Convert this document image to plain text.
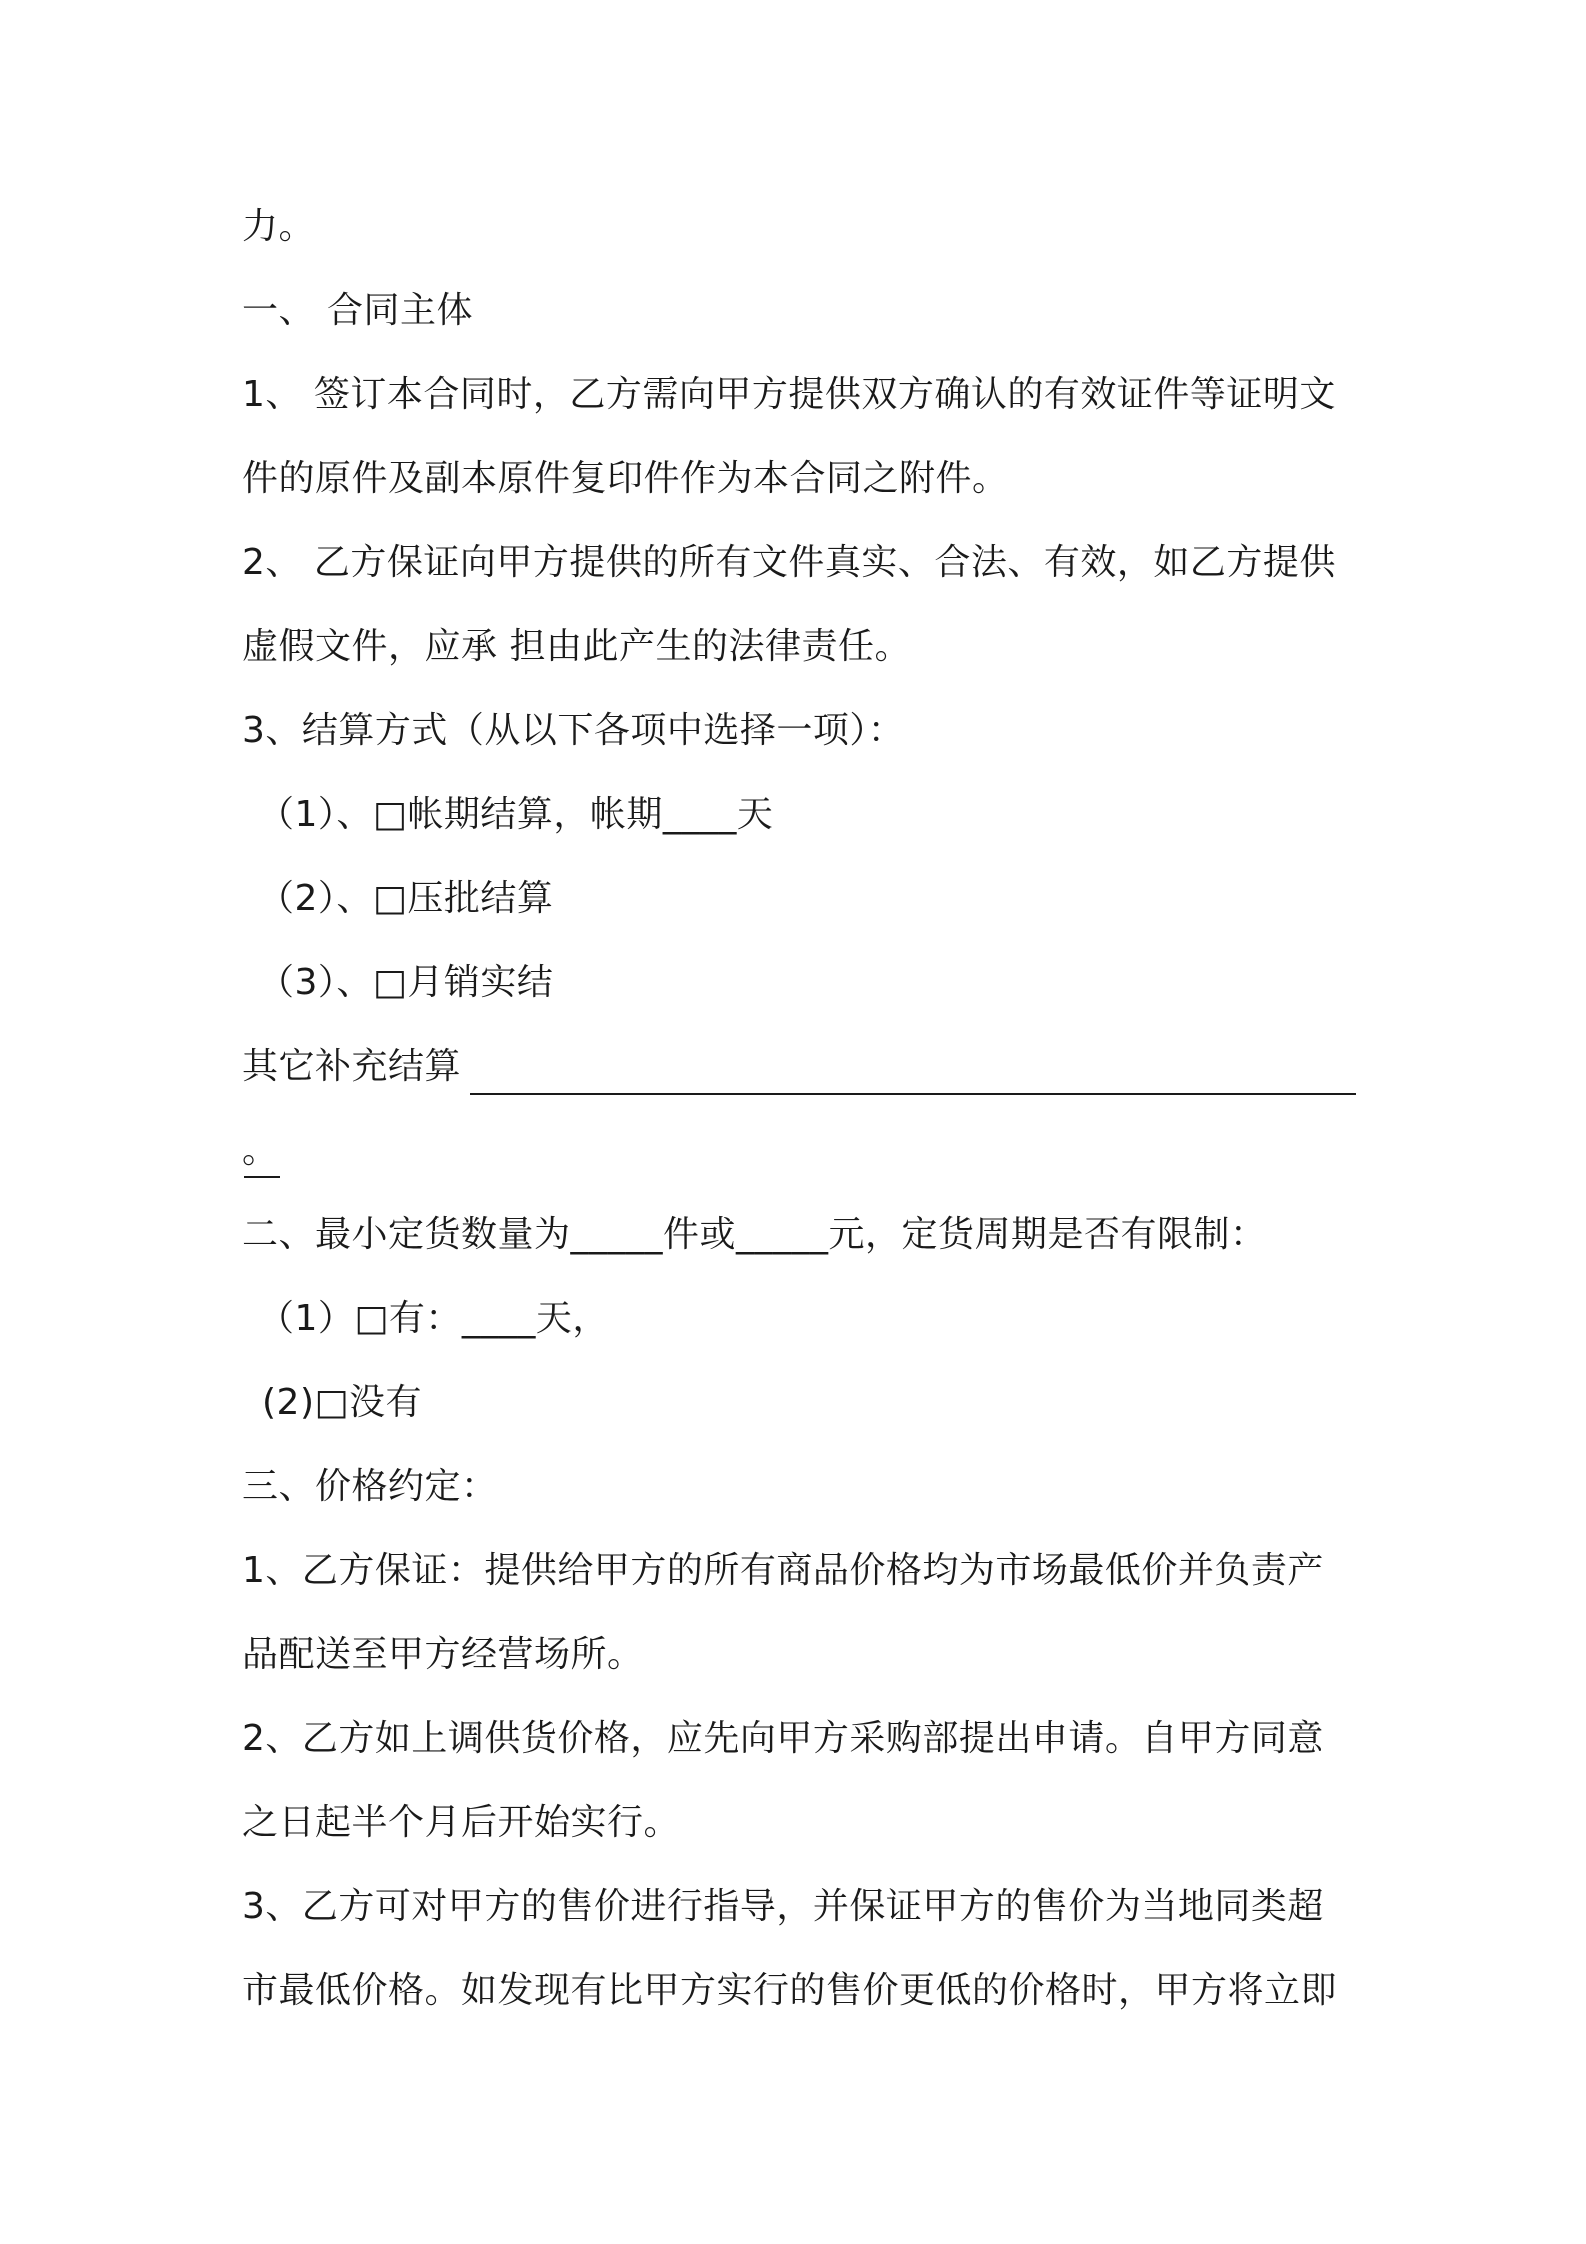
力。
一、 合同主体
1、 签订本合同时，乙方需向甲方提供双方确认的有效证件等证明文
件的原件及副本原件复印件作为本合同之附件。
2、 乙方保证向甲方提供的所有文件真实、合法、有效，如乙方提供
虚假文件，应承 担由此产生的法律责任。
3、结算方式（从以下各项中选择一项）：
（1）、□帐期结算，帐期____天
（2）、□压批结算
（3）、□月销实结
其它补充结算
。
二、最小定货数量为_____件或_____元，定货周期是否有限制：
（1）□有：____天，
(2)□没有
三、价格约定：
1、乙方保证：提供给甲方的所有商品价格均为市场最低价并负责产
品配送至甲方经营场所。
2、乙方如上调供货价格，应先向甲方采购部提出申请。自甲方同意
之日起半个月后开始实行。
3、乙方可对甲方的售价进行指导，并保证甲方的售价为当地同类超
市最低价格。如发现有比甲方实行的售价更低的价格时，甲方将立即
